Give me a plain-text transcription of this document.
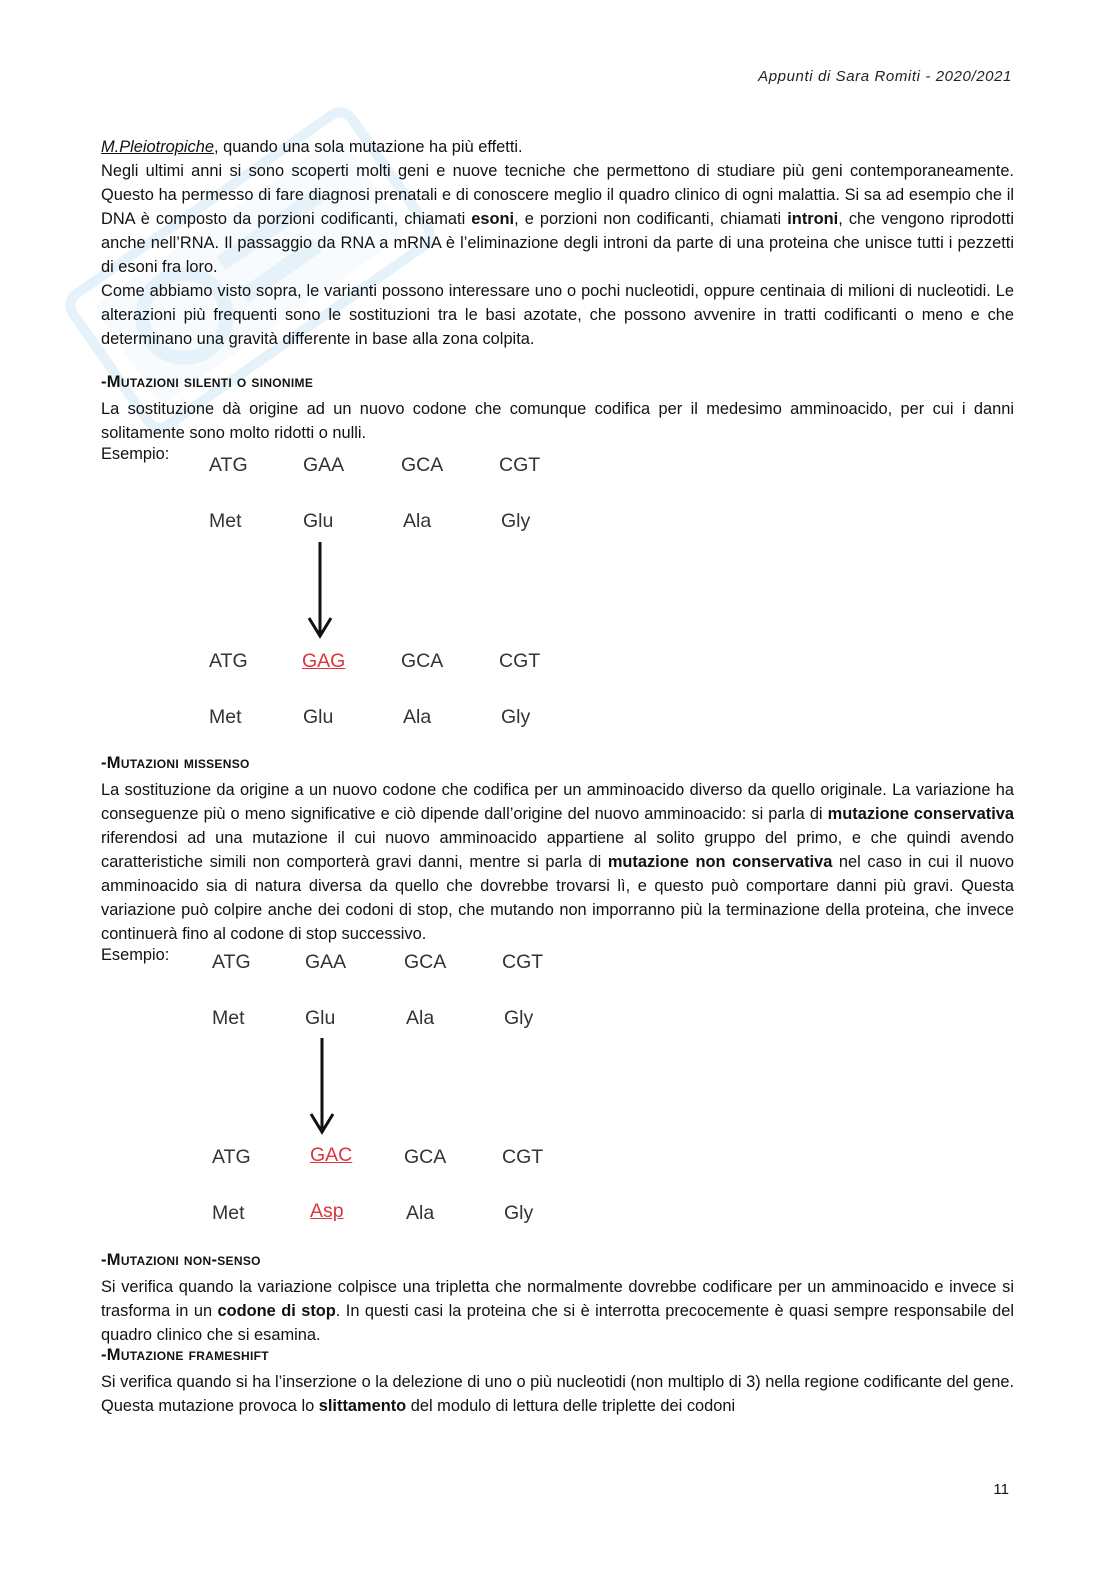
Appunti di Sara Romiti - 2020/2021

M.Pleiotropiche, quando una sola mutazione ha più effetti.

Negli ultimi anni si sono scoperti molti geni e nuove tecniche che permettono di studiare più geni contemporaneamente. Questo ha permesso di fare diagnosi prenatali e di conoscere meglio il quadro clinico di ogni malattia. Si sa ad esempio che il DNA è composto da porzioni codificanti, chiamati esoni, e porzioni non codificanti, chiamati introni, che vengono riprodotti anche nell’RNA. Il passaggio da RNA a mRNA è l’eliminazione degli introni da parte di una proteina che unisce tutti i pezzetti di esoni fra loro.

Come abbiamo visto sopra, le varianti possono interessare uno o pochi nucleotidi, oppure centinaia di milioni di nucleotidi. Le alterazioni più frequenti sono le sostituzioni tra le basi azotate, che possono avvenire in tratti codificanti o meno e che determinano una gravità differente in base alla zona colpita.

-Mutazioni silenti o sinonime

La sostituzione dà origine ad un nuovo codone che comunque codifica per il medesimo amminoacido, per cui i danni solitamente sono molto ridotti o nulli.

Esempio: ATG	GAA	GCA	CGT
Met	Glu	Ala	Gly
ATG	GAG	GCA	CGT
Met	Glu	Ala	Gly
-Mutazioni missenso

La sostituzione da origine a un nuovo codone che codifica per un amminoacido diverso da quello originale. La variazione ha conseguenze più o meno significative e ciò dipende dall’origine del nuovo amminoacido: si parla di mutazione conservativa riferendosi ad una mutazione il cui nuovo amminoacido appartiene al solito gruppo del primo, e che quindi avendo caratteristiche simili non comporterà gravi danni, mentre si parla di mutazione non conservativa nel caso in cui il nuovo amminoacido sia di natura diversa da quello che dovrebbe trovarsi lì, e questo può comportare danni più gravi. Questa variazione può colpire anche dei codoni di stop, che mutando non imporranno più la terminazione della proteina, che invece continuerà fino al codone di stop successivo.

Esempio: ATG	GAA	GCA	CGT
Met	Glu	Ala	Gly
ATG	GAC	GCA	CGT
Met	Asp	Ala	Gly
-Mutazioni non-senso

Si verifica quando la variazione colpisce una tripletta che normalmente dovrebbe codificare per un amminoacido e invece si trasforma in un codone di stop. In questi casi la proteina che si è interrotta precocemente è quasi sempre responsabile del quadro clinico che si esamina.

-Mutazione frameshift

Si verifica quando si ha l’inserzione o la delezione di uno o più nucleotidi (non multiplo di 3) nella regione codificante del gene. Questa mutazione provoca lo slittamento del modulo di lettura delle triplette dei codoni

11
